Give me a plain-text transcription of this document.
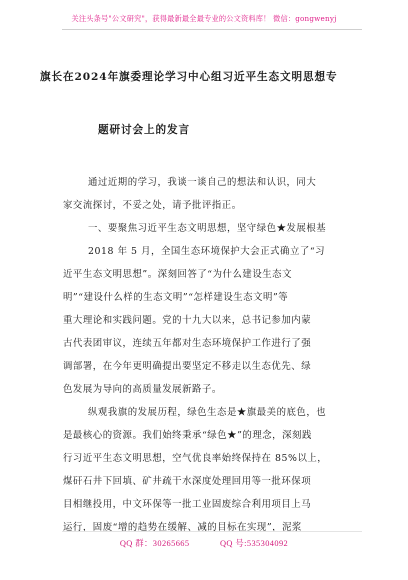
关注头条号"公文研究"，获得最新最全最专业的公文资料库！ 微信：gongwenyj
旗长在2024年旗委理论学习中心组习近平生态文明思想专
题研讨会上的发言
通过近期的学习，我谈一谈自己的想法和认识，同大
家交流探讨，不妥之处，请予批评指正。
一、要聚焦习近平生态文明思想，坚守绿色★发展根基
2018 年 5 月，全国生态环境保护大会正式确立了“习
近平生态文明思想”。深刻回答了“为什么建设生态文
明”“建设什么样的生态文明”“怎样建设生态文明”等
重大理论和实践问题。党的十九大以来，总书记参加内蒙
古代表团审议，连续五年都对生态环境保护工作进行了强
调部署，在今年更明确提出要坚定不移走以生态优先、绿
色发展为导向的高质量发展新路子。
纵观我旗的发展历程，绿色生态是★旗最美的底色，也
是最核心的资源。我们始终秉承“绿色★”的理念，深刻践
行习近平生态文明思想，空气优良率始终保持在 85%以上，
煤矸石井下回填、矿井疏干水深度处理回用等一批环保项
目相继投用，中文环保等一批工业固废综合利用项目上马
运行，固废“增的趋势在缓解、减的目标在实现”，泥浆
QQ 群：30265665	QQ 号:535304092
